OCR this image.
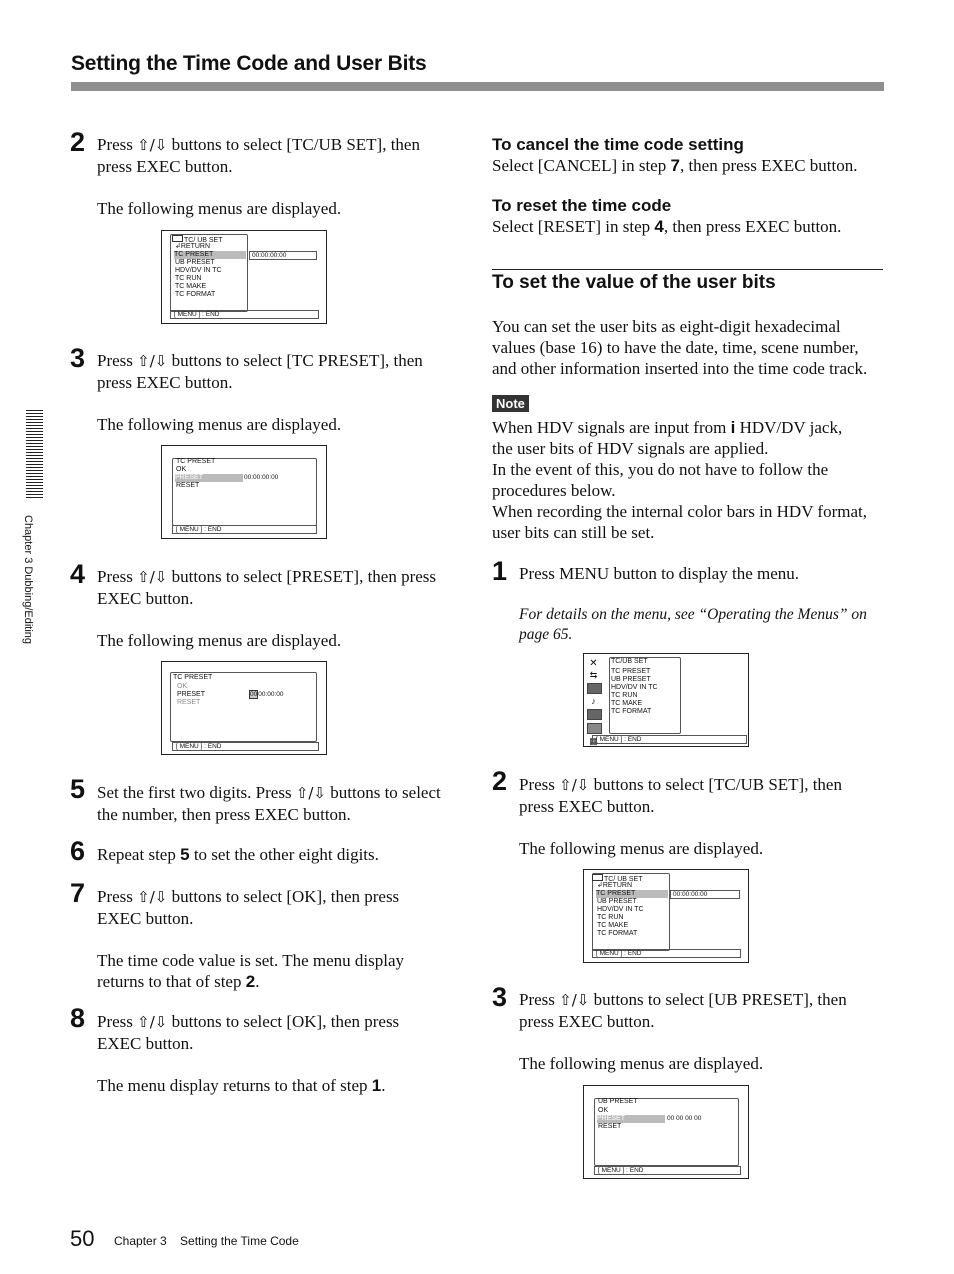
Setting the Time Code and User Bits
Chapter 3 Dubbing/Editing
2 Press ⇧/⇩ buttons to select [TC/UB SET], then
press EXEC button.

The following menus are displayed.
TC/ UB SET
↲RETURN
TC PRESET
UB PRESET
HDV/DV IN TC
TC RUN
TC MAKE
TC FORMAT
00:00:00:00
[ MENU ] : END
3 Press ⇧/⇩ buttons to select [TC PRESET], then
press EXEC button.

The following menus are displayed.
TC PRESET
OK
PRESET	00:00:00:00
RESET
[ MENU ] : END
4 Press ⇧/⇩ buttons to select [PRESET], then press
EXEC button.

The following menus are displayed.
TC PRESET
OK
PRESET	0000:00:00
RESET
[ MENU ] : END
5 Set the first two digits. Press ⇧/⇩ buttons to select
the number, then press EXEC button.
6 Repeat step 5 to set the other eight digits.
7 Press ⇧/⇩ buttons to select [OK], then press
EXEC button.

The time code value is set. The menu display
returns to that of step 2.
8 Press ⇧/⇩ buttons to select [OK], then press
EXEC button.

The menu display returns to that of step 1.
To cancel the time code setting
Select [CANCEL] in step 7, then press EXEC button.
To reset the time code
Select [RESET] in step 4, then press EXEC button.
To set the value of the user bits
You can set the user bits as eight-digit hexadecimal
values (base 16) to have the date, time, scene number,
and other information inserted into the time code track.
Note
When HDV signals are input from i HDV/DV jack,
the user bits of HDV signals are applied.
In the event of this, you do not have to follow the
procedures below.
When recording the internal color bars in HDV format,
user bits can still be set.
1 Press MENU button to display the menu.
For details on the menu, see “Operating the Menus” on
page 65.
✕
⇆
♪
▦
TC/UB SET
TC PRESET
UB PRESET
HDV/DV IN TC
TC RUN
TC MAKE
TC FORMAT
[ MENU ] : END
2 Press ⇧/⇩ buttons to select [TC/UB SET], then
press EXEC button.

The following menus are displayed.
TC/ UB SET
↲RETURN
TC PRESET
UB PRESET
HDV/DV IN TC
TC RUN
TC MAKE
TC FORMAT
00:00:00:00
[ MENU ] : END
3 Press ⇧/⇩ buttons to select [UB PRESET], then
press EXEC button.

The following menus are displayed.
UB PRESET
OK
PRESET	00 00 00 00
RESET
[ MENU ] : END
50 Chapter 3    Setting the Time Code
